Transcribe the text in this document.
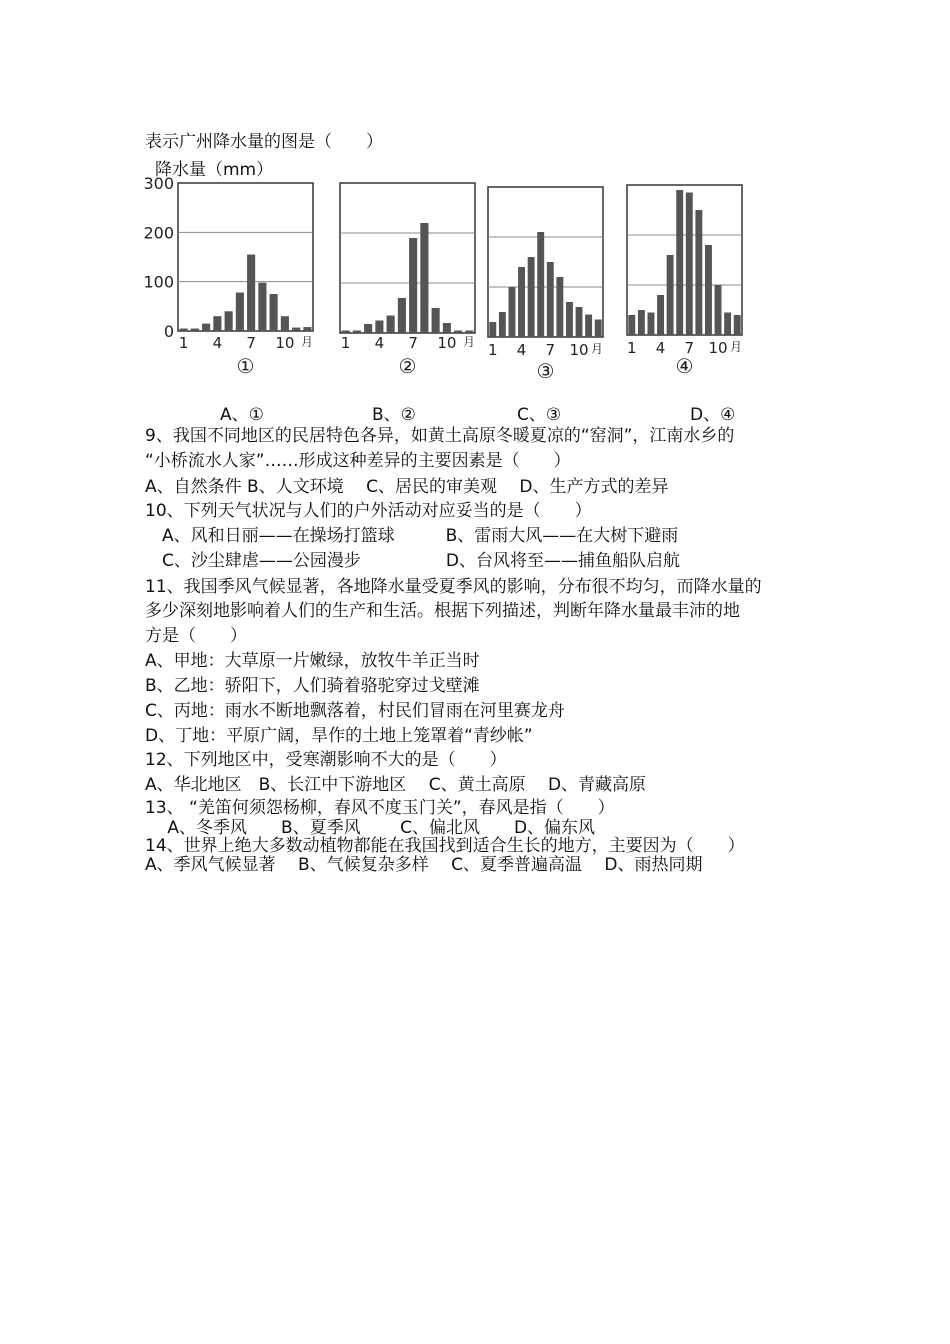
表示广州降水量的图是（　　）
降水量（mm）
0
100
200
300
1 4 7 10 月
①
1 4 7 10 月
②
1 4 7 10 月
③
1 4 7 10 月
④
A、①	B、②	C、③	D、④
9、我国不同地区的民居特色各异，如黄土高原冬暖夏凉的“窑洞”，江南水乡的
“小桥流水人家”……形成这种差异的主要因素是（　　）
A、自然条件 B、人文环境　 C、居民的审美观　 D、生产方式的差异
10、下列天气状况与人们的户外活动对应妥当的是（　　）
　A、风和日丽——在操场打篮球　　　B、雷雨大风——在大树下避雨
　C、沙尘肆虐——公园漫步　　　　　D、台风将至——捕鱼船队启航
11、我国季风气候显著，各地降水量受夏季风的影响，分布很不均匀，而降水量的
多少深刻地影响着人们的生产和生活。根据下列描述，判断年降水量最丰沛的地
方是（　　）
A、甲地：大草原一片嫩绿，放牧牛羊正当时
B、乙地：骄阳下，人们骑着骆驼穿过戈壁滩
C、丙地：雨水不断地飘落着，村民们冒雨在河里赛龙舟
D、丁地：平原广阔，旱作的土地上笼罩着“青纱帐”
12、下列地区中，受寒潮影响不大的是（　　）
A、华北地区　B、长江中下游地区　 C、黄土高原　 D、青藏高原
13、 “羌笛何须怨杨柳，春风不度玉门关”，春风是指（　　）
　 A、冬季风　　B、夏季风　　 C、偏北风　　D、偏东风
14、世界上绝大多数动植物都能在我国找到适合生长的地方，主要因为（　　）
A、季风气候显著　 B、气候复杂多样　 C、夏季普遍高温　 D、雨热同期
